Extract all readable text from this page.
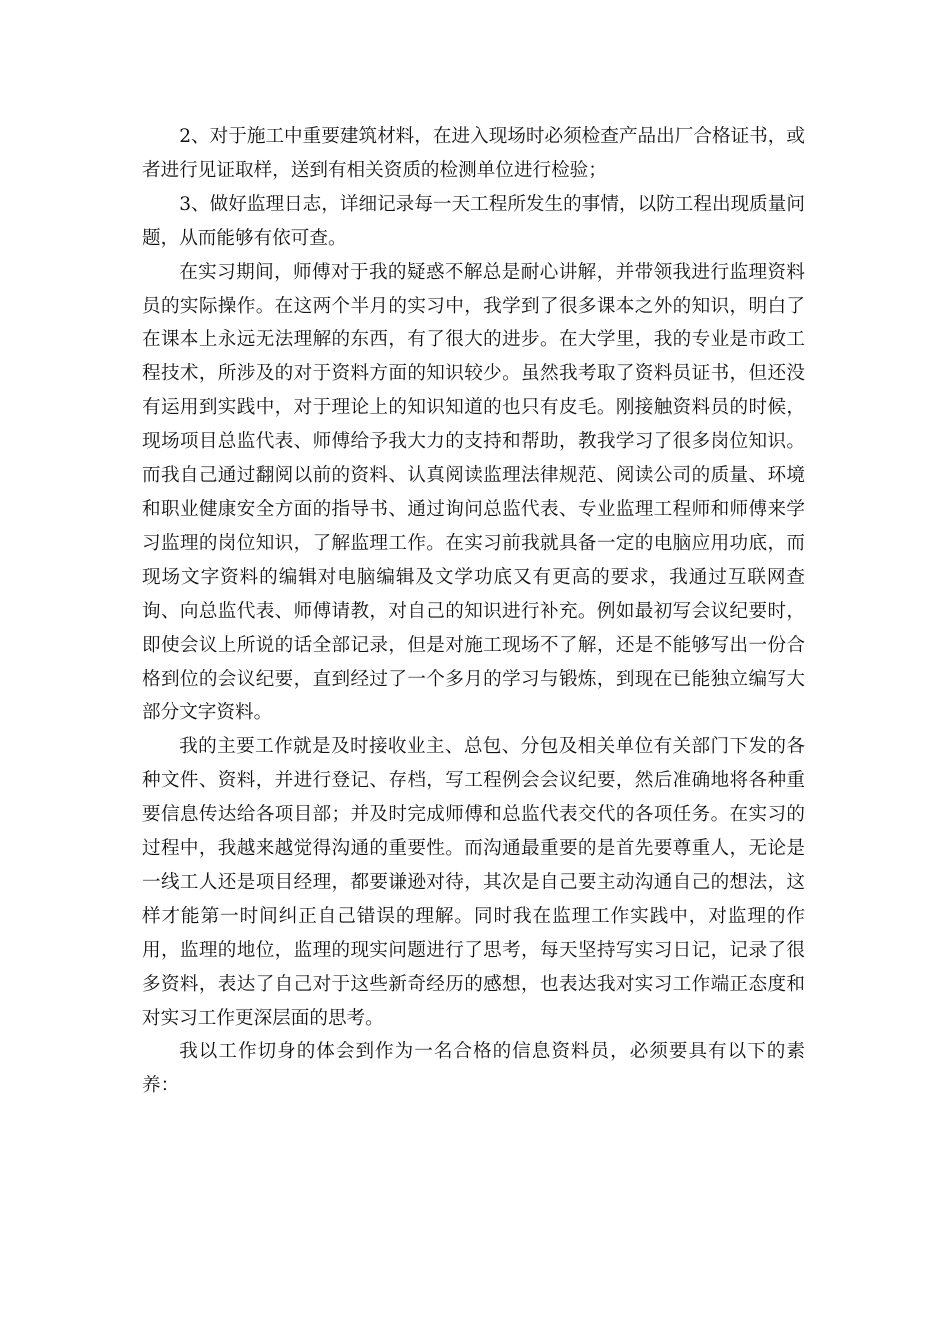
2、对于施工中重要建筑材料，在进入现场时必须检查产品出厂合格证书，或者进行见证取样，送到有相关资质的检测单位进行检验；

3、做好监理日志，详细记录每一天工程所发生的事情，以防工程出现质量问题，从而能够有依可查。

在实习期间，师傅对于我的疑惑不解总是耐心讲解，并带领我进行监理资料员的实际操作。在这两个半月的实习中，我学到了很多课本之外的知识，明白了在课本上永远无法理解的东西，有了很大的进步。在大学里，我的专业是市政工程技术，所涉及的对于资料方面的知识较少。虽然我考取了资料员证书，但还没有运用到实践中，对于理论上的知识知道的也只有皮毛。刚接触资料员的时候，现场项目总监代表、师傅给予我大力的支持和帮助，教我学习了很多岗位知识。而我自己通过翻阅以前的资料、认真阅读监理法律规范、阅读公司的质量、环境和职业健康安全方面的指导书、通过询问总监代表、专业监理工程师和师傅来学习监理的岗位知识，了解监理工作。在实习前我就具备一定的电脑应用功底，而现场文字资料的编辑对电脑编辑及文学功底又有更高的要求，我通过互联网查询、向总监代表、师傅请教，对自己的知识进行补充。例如最初写会议纪要时，即使会议上所说的话全部记录，但是对施工现场不了解，还是不能够写出一份合格到位的会议纪要，直到经过了一个多月的学习与锻炼，到现在已能独立编写大部分文字资料。

我的主要工作就是及时接收业主、总包、分包及相关单位有关部门下发的各种文件、资料，并进行登记、存档，写工程例会会议纪要，然后准确地将各种重要信息传达给各项目部；并及时完成师傅和总监代表交代的各项任务。在实习的过程中，我越来越觉得沟通的重要性。而沟通最重要的是首先要尊重人，无论是一线工人还是项目经理，都要谦逊对待，其次是自己要主动沟通自己的想法，这样才能第一时间纠正自己错误的理解。同时我在监理工作实践中，对监理的作用，监理的地位，监理的现实问题进行了思考，每天坚持写实习日记，记录了很多资料，表达了自己对于这些新奇经历的感想，也表达我对实习工作端正态度和对实习工作更深层面的思考。

我以工作切身的体会到作为一名合格的信息资料员，必须要具有以下的素养：
